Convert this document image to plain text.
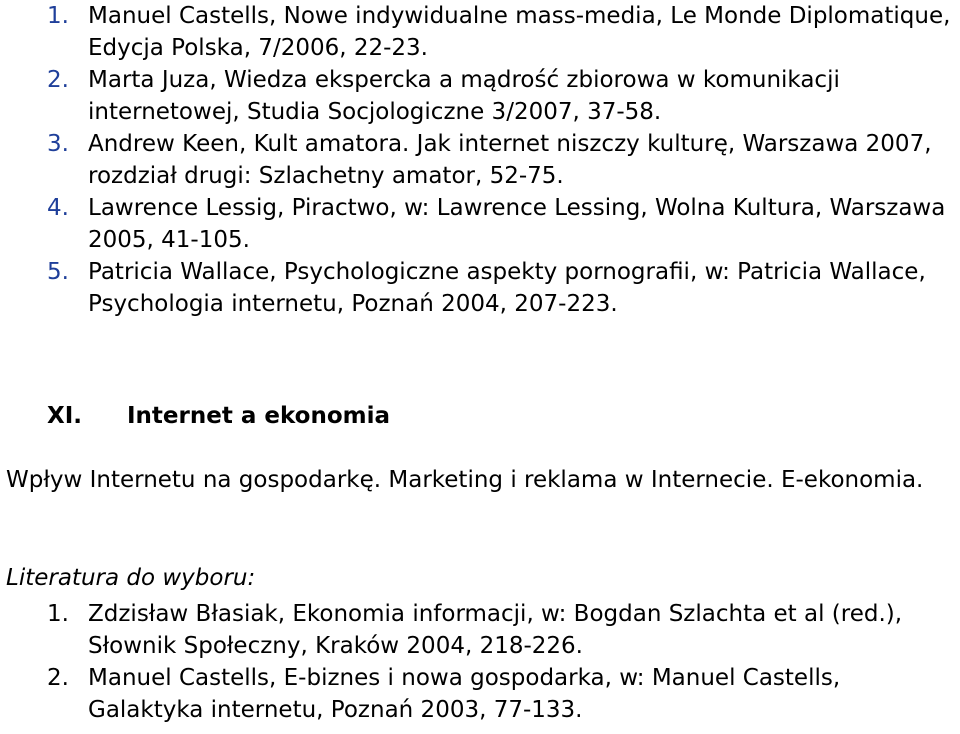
1. Manuel Castells, Nowe indywidualne mass-media, Le Monde Diplomatique, Edycja Polska, 7/2006, 22-23.
2. Marta Juza, Wiedza ekspercka a mądrość zbiorowa w komunikacji internetowej, Studia Socjologiczne 3/2007, 37-58.
3. Andrew Keen, Kult amatora. Jak internet niszczy kulturę, Warszawa 2007, rozdział drugi: Szlachetny amator, 52-75.
4. Lawrence Lessig, Piractwo, w: Lawrence Lessing, Wolna Kultura, Warszawa 2005, 41-105.
5. Patricia Wallace, Psychologiczne aspekty pornografii, w: Patricia Wallace, Psychologia internetu, Poznań 2004, 207-223.
XI. Internet a ekonomia
Wpływ Internetu na gospodarkę. Marketing i reklama w Internecie. E-ekonomia.
Literatura do wyboru:
1. Zdzisław Błasiak, Ekonomia informacji, w: Bogdan Szlachta et al (red.), Słownik Społeczny, Kraków 2004, 218-226.
2. Manuel Castells, E-biznes i nowa gospodarka, w: Manuel Castells, Galaktyka internetu, Poznań 2003, 77-133.
